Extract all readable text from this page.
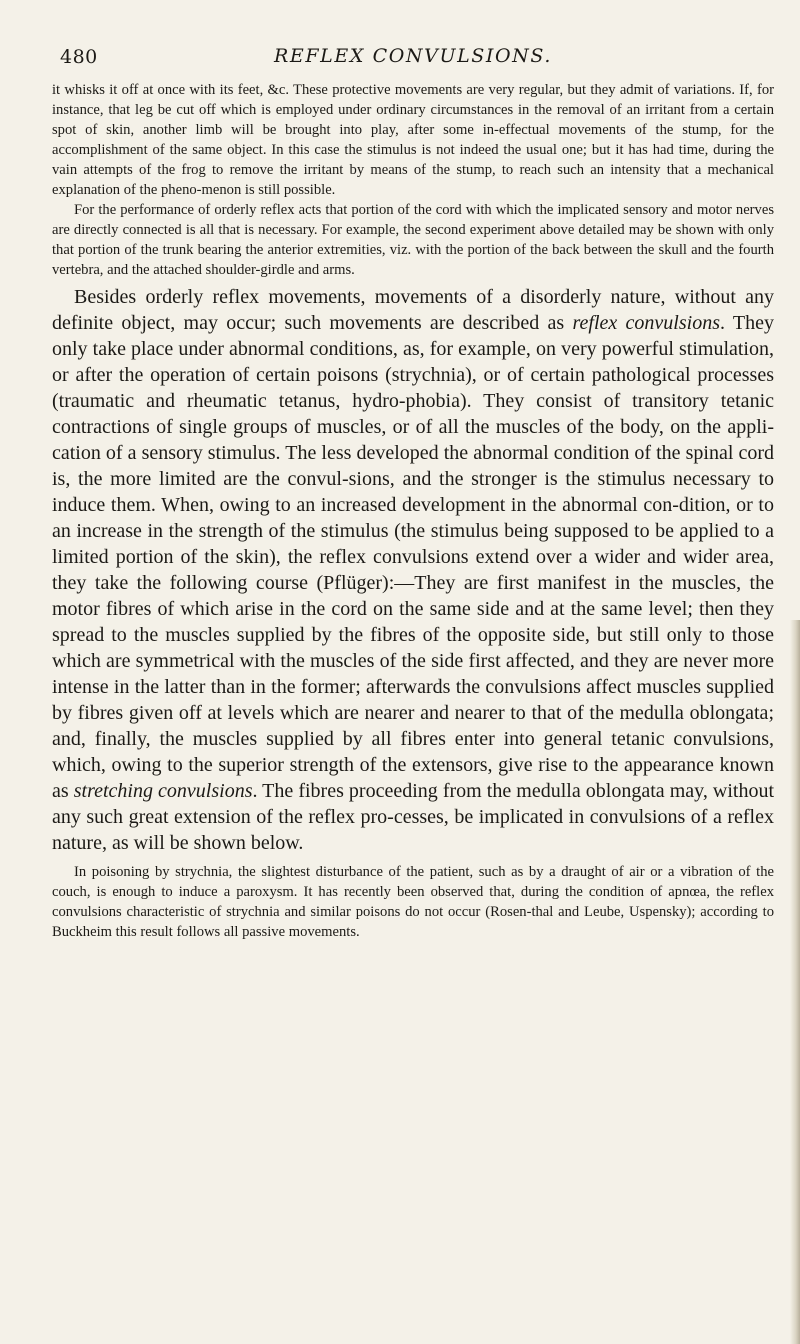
480	REFLEX CONVULSIONS.

it whisks it off at once with its feet, &c. These protective movements are very regular, but they admit of variations. If, for instance, that leg be cut off which is employed under ordinary circumstances in the removal of an irritant from a certain spot of skin, another limb will be brought into play, after some in-effectual movements of the stump, for the accomplishment of the same object. In this case the stimulus is not indeed the usual one; but it has had time, during the vain attempts of the frog to remove the irritant by means of the stump, to reach such an intensity that a mechanical explanation of the pheno-menon is still possible.

For the performance of orderly reflex acts that portion of the cord with which the implicated sensory and motor nerves are directly connected is all that is necessary. For example, the second experiment above detailed may be shown with only that portion of the trunk bearing the anterior extremities, viz. with the portion of the back between the skull and the fourth vertebra, and the attached shoulder-girdle and arms.

Besides orderly reflex movements, movements of a disorderly nature, without any definite object, may occur; such movements are described as reflex convulsions. They only take place under abnormal conditions, as, for example, on very powerful stimulation, or after the operation of certain poisons (strychnia), or of certain pathological processes (traumatic and rheumatic tetanus, hydro-phobia). They consist of transitory tetanic contractions of single groups of muscles, or of all the muscles of the body, on the appli-cation of a sensory stimulus. The less developed the abnormal condition of the spinal cord is, the more limited are the convul-sions, and the stronger is the stimulus necessary to induce them. When, owing to an increased development in the abnormal con-dition, or to an increase in the strength of the stimulus (the stimulus being supposed to be applied to a limited portion of the skin), the reflex convulsions extend over a wider and wider area, they take the following course (Pflüger):—They are first manifest in the muscles, the motor fibres of which arise in the cord on the same side and at the same level; then they spread to the muscles supplied by the fibres of the opposite side, but still only to those which are symmetrical with the muscles of the side first affected, and they are never more intense in the latter than in the former; afterwards the convulsions affect muscles supplied by fibres given off at levels which are nearer and nearer to that of the medulla oblongata; and, finally, the muscles supplied by all fibres enter into general tetanic convulsions, which, owing to the superior strength of the extensors, give rise to the appearance known as stretching convulsions. The fibres proceeding from the medulla oblongata may, without any such great extension of the reflex pro-cesses, be implicated in convulsions of a reflex nature, as will be shown below.

In poisoning by strychnia, the slightest disturbance of the patient, such as by a draught of air or a vibration of the couch, is enough to induce a paroxysm. It has recently been observed that, during the condition of apnœa, the reflex convulsions characteristic of strychnia and similar poisons do not occur (Rosen-thal and Leube, Uspensky); according to Buckheim this result follows all passive movements.
